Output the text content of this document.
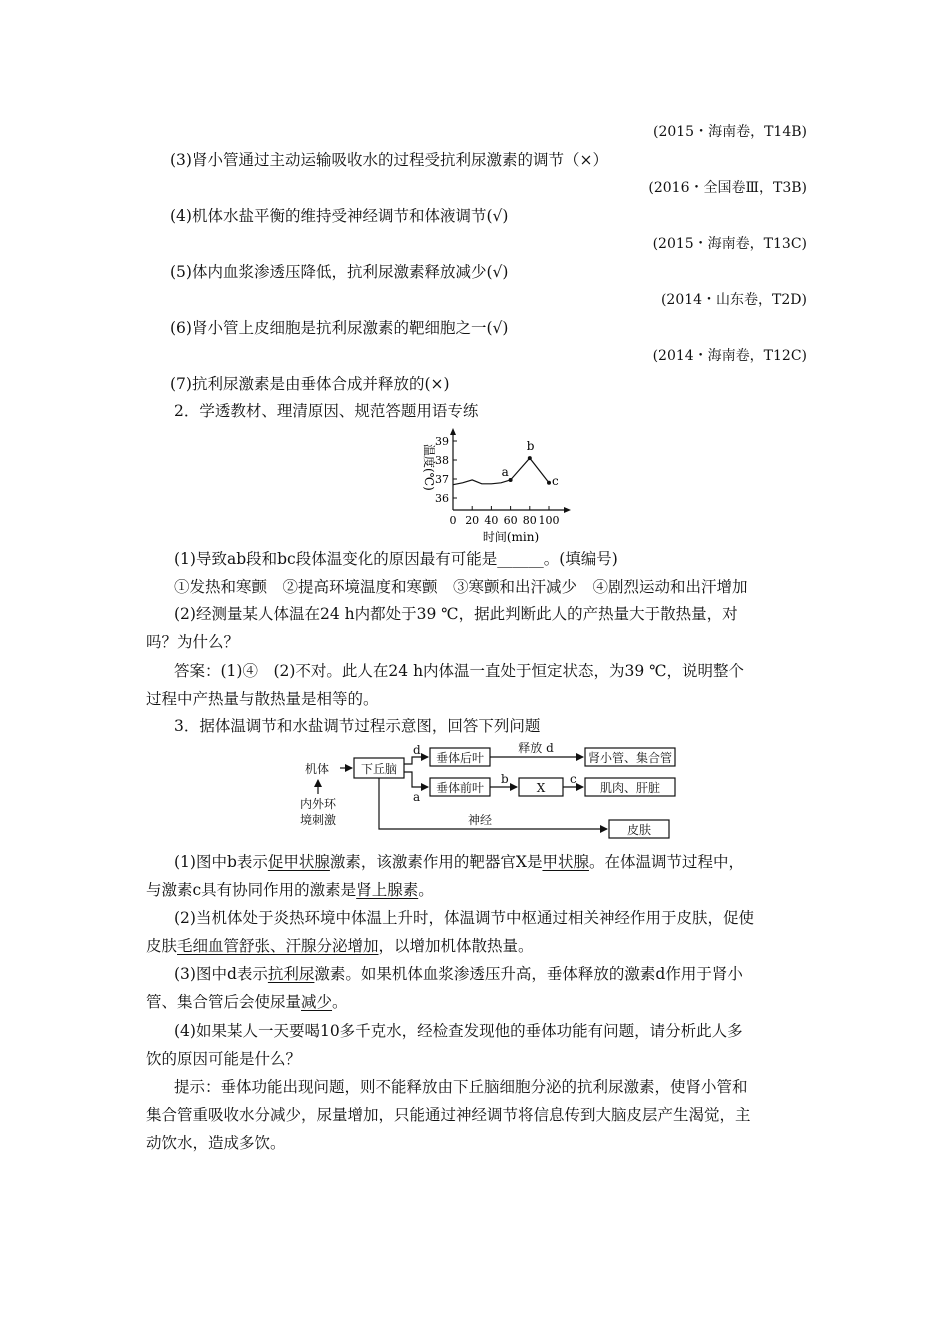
(2015・海南卷，T14B)
(3)肾小管通过主动运输吸收水的过程受抗利尿激素的调节（×）
(2016・全国卷Ⅲ，T3B)
(4)机体水盐平衡的维持受神经调节和体液调节(√)
(2015・海南卷，T13C)
(5)体内血浆渗透压降低，抗利尿激素释放减少(√)
(2014・山东卷，T2D)
(6)肾小管上皮细胞是抗利尿激素的靶细胞之一(√)
(2014・海南卷，T12C)
(7)抗利尿激素是由垂体合成并释放的(×)
2．学透教材、理清原因、规范答题用语专练
36
37
38
39
0 20 40 60 80 100
a
b
c
温度(℃)
时间(min)
(1)导致ab段和bc段体温变化的原因最有可能是______。(填编号)
①发热和寒颤　②提高环境温度和寒颤　③寒颤和出汗减少　④剧烈运动和出汗增加
(2)经测量某人体温在24 h内都处于39 ℃，据此判断此人的产热量大于散热量，对
吗？为什么？
答案：(1)④　(2)不对。此人在24 h内体温一直处于恒定状态，为39 ℃，说明整个
过程中产热量与散热量是相等的。
3．据体温调节和水盐调节过程示意图，回答下列问题
机体
内外环
境刺激
下丘脑
垂体后叶
垂体前叶	X
肾小管、集合管
肌肉、肝脏
皮肤
释放 d
神经
d
a
b	c
(1)图中b表示促甲状腺激素，该激素作用的靶器官X是甲状腺。在体温调节过程中，
与激素c具有协同作用的激素是肾上腺素。
(2)当机体处于炎热环境中体温上升时，体温调节中枢通过相关神经作用于皮肤，促使
皮肤毛细血管舒张、汗腺分泌增加，以增加机体散热量。
(3)图中d表示抗利尿激素。如果机体血浆渗透压升高，垂体释放的激素d作用于肾小
管、集合管后会使尿量减少。
(4)如果某人一天要喝10多千克水，经检查发现他的垂体功能有问题，请分析此人多
饮的原因可能是什么？
提示：垂体功能出现问题，则不能释放由下丘脑细胞分泌的抗利尿激素，使肾小管和
集合管重吸收水分减少，尿量增加，只能通过神经调节将信息传到大脑皮层产生渴觉，主
动饮水，造成多饮。
